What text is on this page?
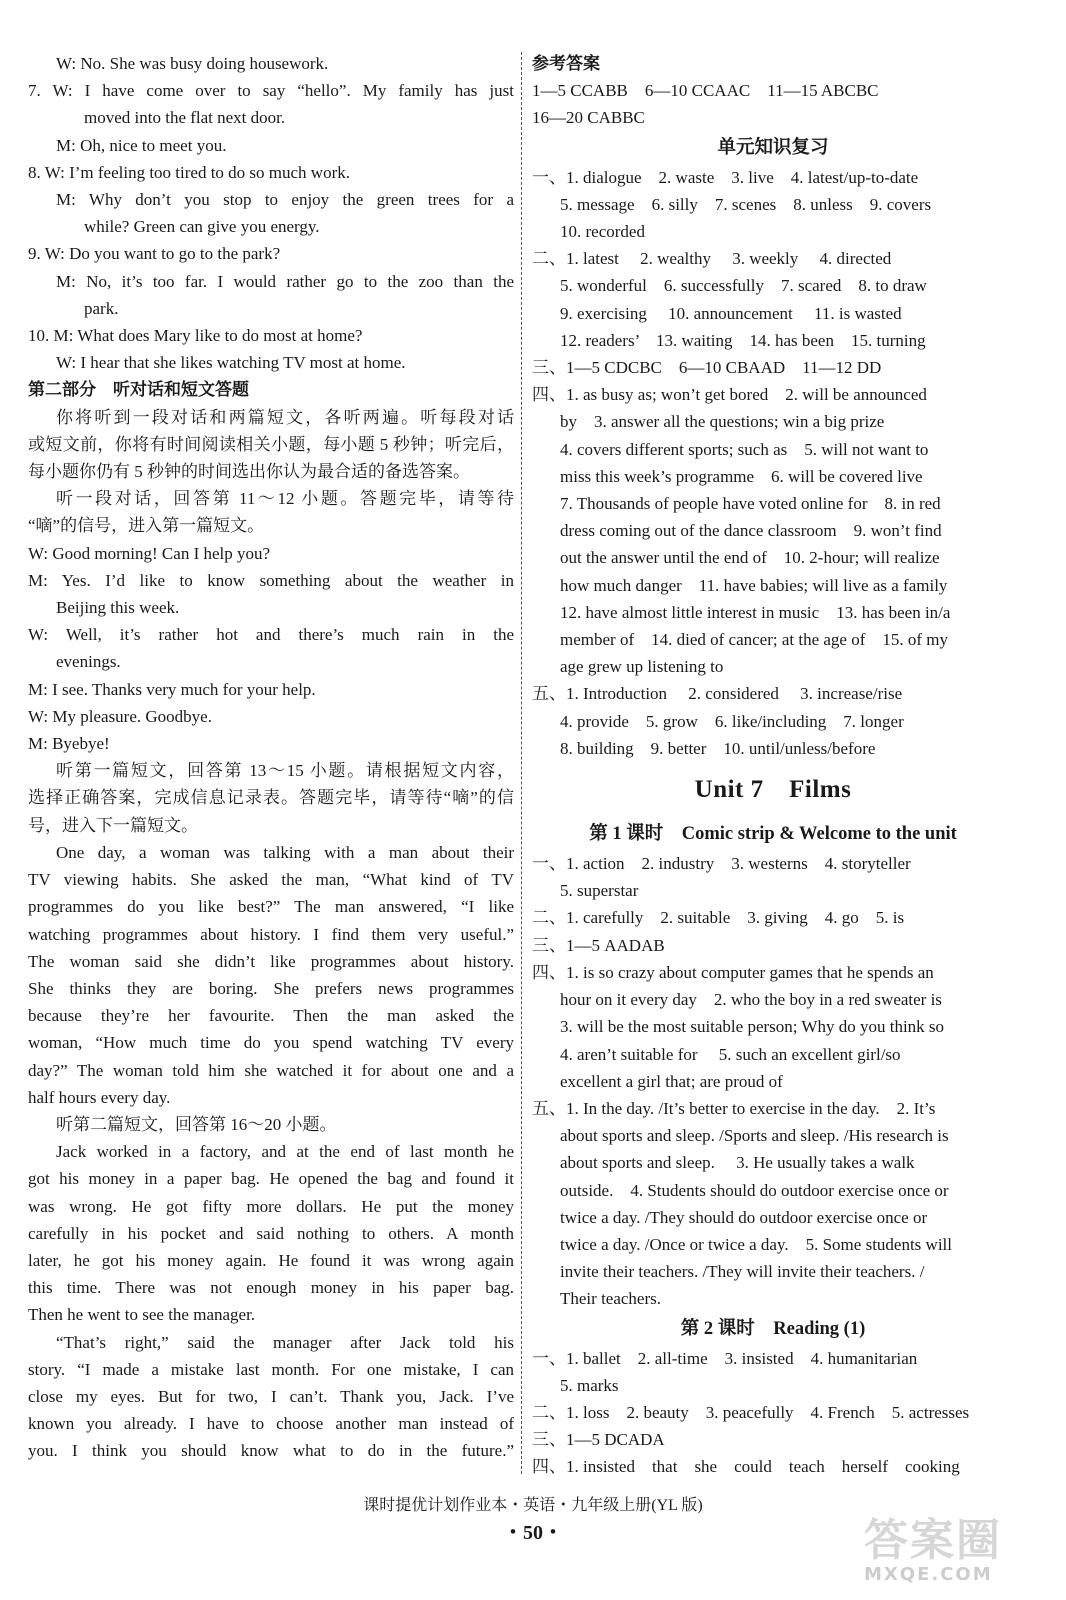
W: No. She was busy doing housework.
7. W: I have come over to say “hello”. My family has just
moved into the flat next door.
M: Oh, nice to meet you.
8. W: I’m feeling too tired to do so much work.
M: Why don’t you stop to enjoy the green trees for a
while? Green can give you energy.
9. W: Do you want to go to the park?
M: No, it’s too far. I would rather go to the zoo than the
park.
10. M: What does Mary like to do most at home?
W: I hear that she likes watching TV most at home.
第二部分　听对话和短文答题
你将听到一段对话和两篇短文，各听两遍。听每段对话
或短文前，你将有时间阅读相关小题，每小题 5 秒钟；听完后，
每小题你仍有 5 秒钟的时间选出你认为最合适的备选答案。
听一段对话，回答第 11～12 小题。答题完毕，请等待
“嘀”的信号，进入第一篇短文。
W: Good morning! Can I help you?
M: Yes. I’d like to know something about the weather in
Beijing this week.
W: Well, it’s rather hot and there’s much rain in the
evenings.
M: I see. Thanks very much for your help.
W: My pleasure. Goodbye.
M: Byebye!
听第一篇短文，回答第 13～15 小题。请根据短文内容，
选择正确答案，完成信息记录表。答题完毕，请等待“嘀”的信
号，进入下一篇短文。
One day, a woman was talking with a man about their
TV viewing habits. She asked the man, “What kind of TV
programmes do you like best?” The man answered, “I like
watching programmes about history. I find them very useful.”
The woman said she didn’t like programmes about history.
She thinks they are boring. She prefers news programmes
because they’re her favourite. Then the man asked the
woman, “How much time do you spend watching TV every
day?” The woman told him she watched it for about one and a
half hours every day.
听第二篇短文，回答第 16～20 小题。
Jack worked in a factory, and at the end of last month he
got his money in a paper bag. He opened the bag and found it
was wrong. He got fifty more dollars. He put the money
carefully in his pocket and said nothing to others. A month
later, he got his money again. He found it was wrong again
this time. There was not enough money in his paper bag.
Then he went to see the manager.
“That’s right,” said the manager after Jack told his
story. “I made a mistake last month. For one mistake, I can
close my eyes. But for two, I can’t. Thank you, Jack. I’ve
known you already. I have to choose another man instead of
you. I think you should know what to do in the future.”
参考答案
1—5 CCABB　6—10 CCAAC　11—15 ABCBC
16—20 CABBC
单元知识复习
一、1. dialogue　2. waste　3. live　4. latest/up-to-date
5. message　6. silly　7. scenes　8. unless　9. covers
10. recorded
二、1. latest　 2. wealthy　 3. weekly　 4. directed
5. wonderful　6. successfully　7. scared　8. to draw
9. exercising　 10. announcement　 11. is wasted
12. readers’　13. waiting　14. has been　15. turning
三、1—5 CDCBC　6—10 CBAAD　11—12 DD
四、1. as busy as; won’t get bored　2. will be announced
by　3. answer all the questions; win a big prize
4. covers different sports; such as　5. will not want to
miss this week’s programme　6. will be covered live
7. Thousands of people have voted online for　8. in red
dress coming out of the dance classroom　9. won’t find
out the answer until the end of　10. 2-hour; will realize
how much danger　11. have babies; will live as a family
12. have almost little interest in music　13. has been in/a
member of　14. died of cancer; at the age of　15. of my
age grew up listening to
五、1. Introduction　 2. considered　 3. increase/rise
4. provide　5. grow　6. like/including　7. longer
8. building　9. better　10. until/unless/before
Unit 7　Films
第 1 课时　Comic strip & Welcome to the unit
一、1. action　2. industry　3. westerns　4. storyteller
5. superstar
二、1. carefully　2. suitable　3. giving　4. go　5. is
三、1—5 AADAB
四、1. is so crazy about computer games that he spends an
hour on it every day　2. who the boy in a red sweater is
3. will be the most suitable person; Why do you think so
4. aren’t suitable for　 5. such an excellent girl/so
excellent a girl that; are proud of
五、1. In the day. /It’s better to exercise in the day.　2. It’s
about sports and sleep. /Sports and sleep. /His research is
about sports and sleep.　 3. He usually takes a walk
outside.　4. Students should do outdoor exercise once or
twice a day. /They should do outdoor exercise once or
twice a day. /Once or twice a day.　5. Some students will
invite their teachers. /They will invite their teachers. /
Their teachers.
第 2 课时　Reading (1)
一、1. ballet　2. all-time　3. insisted　4. humanitarian
5. marks
二、1. loss　2. beauty　3. peacefully　4. French　5. actresses
三、1—5 DCADA
四、1. insisted　that　she　could　teach　herself　cooking
课时提优计划作业本・英语・九年级上册(YL 版)
・50・	答案圈
MXQE.COM
